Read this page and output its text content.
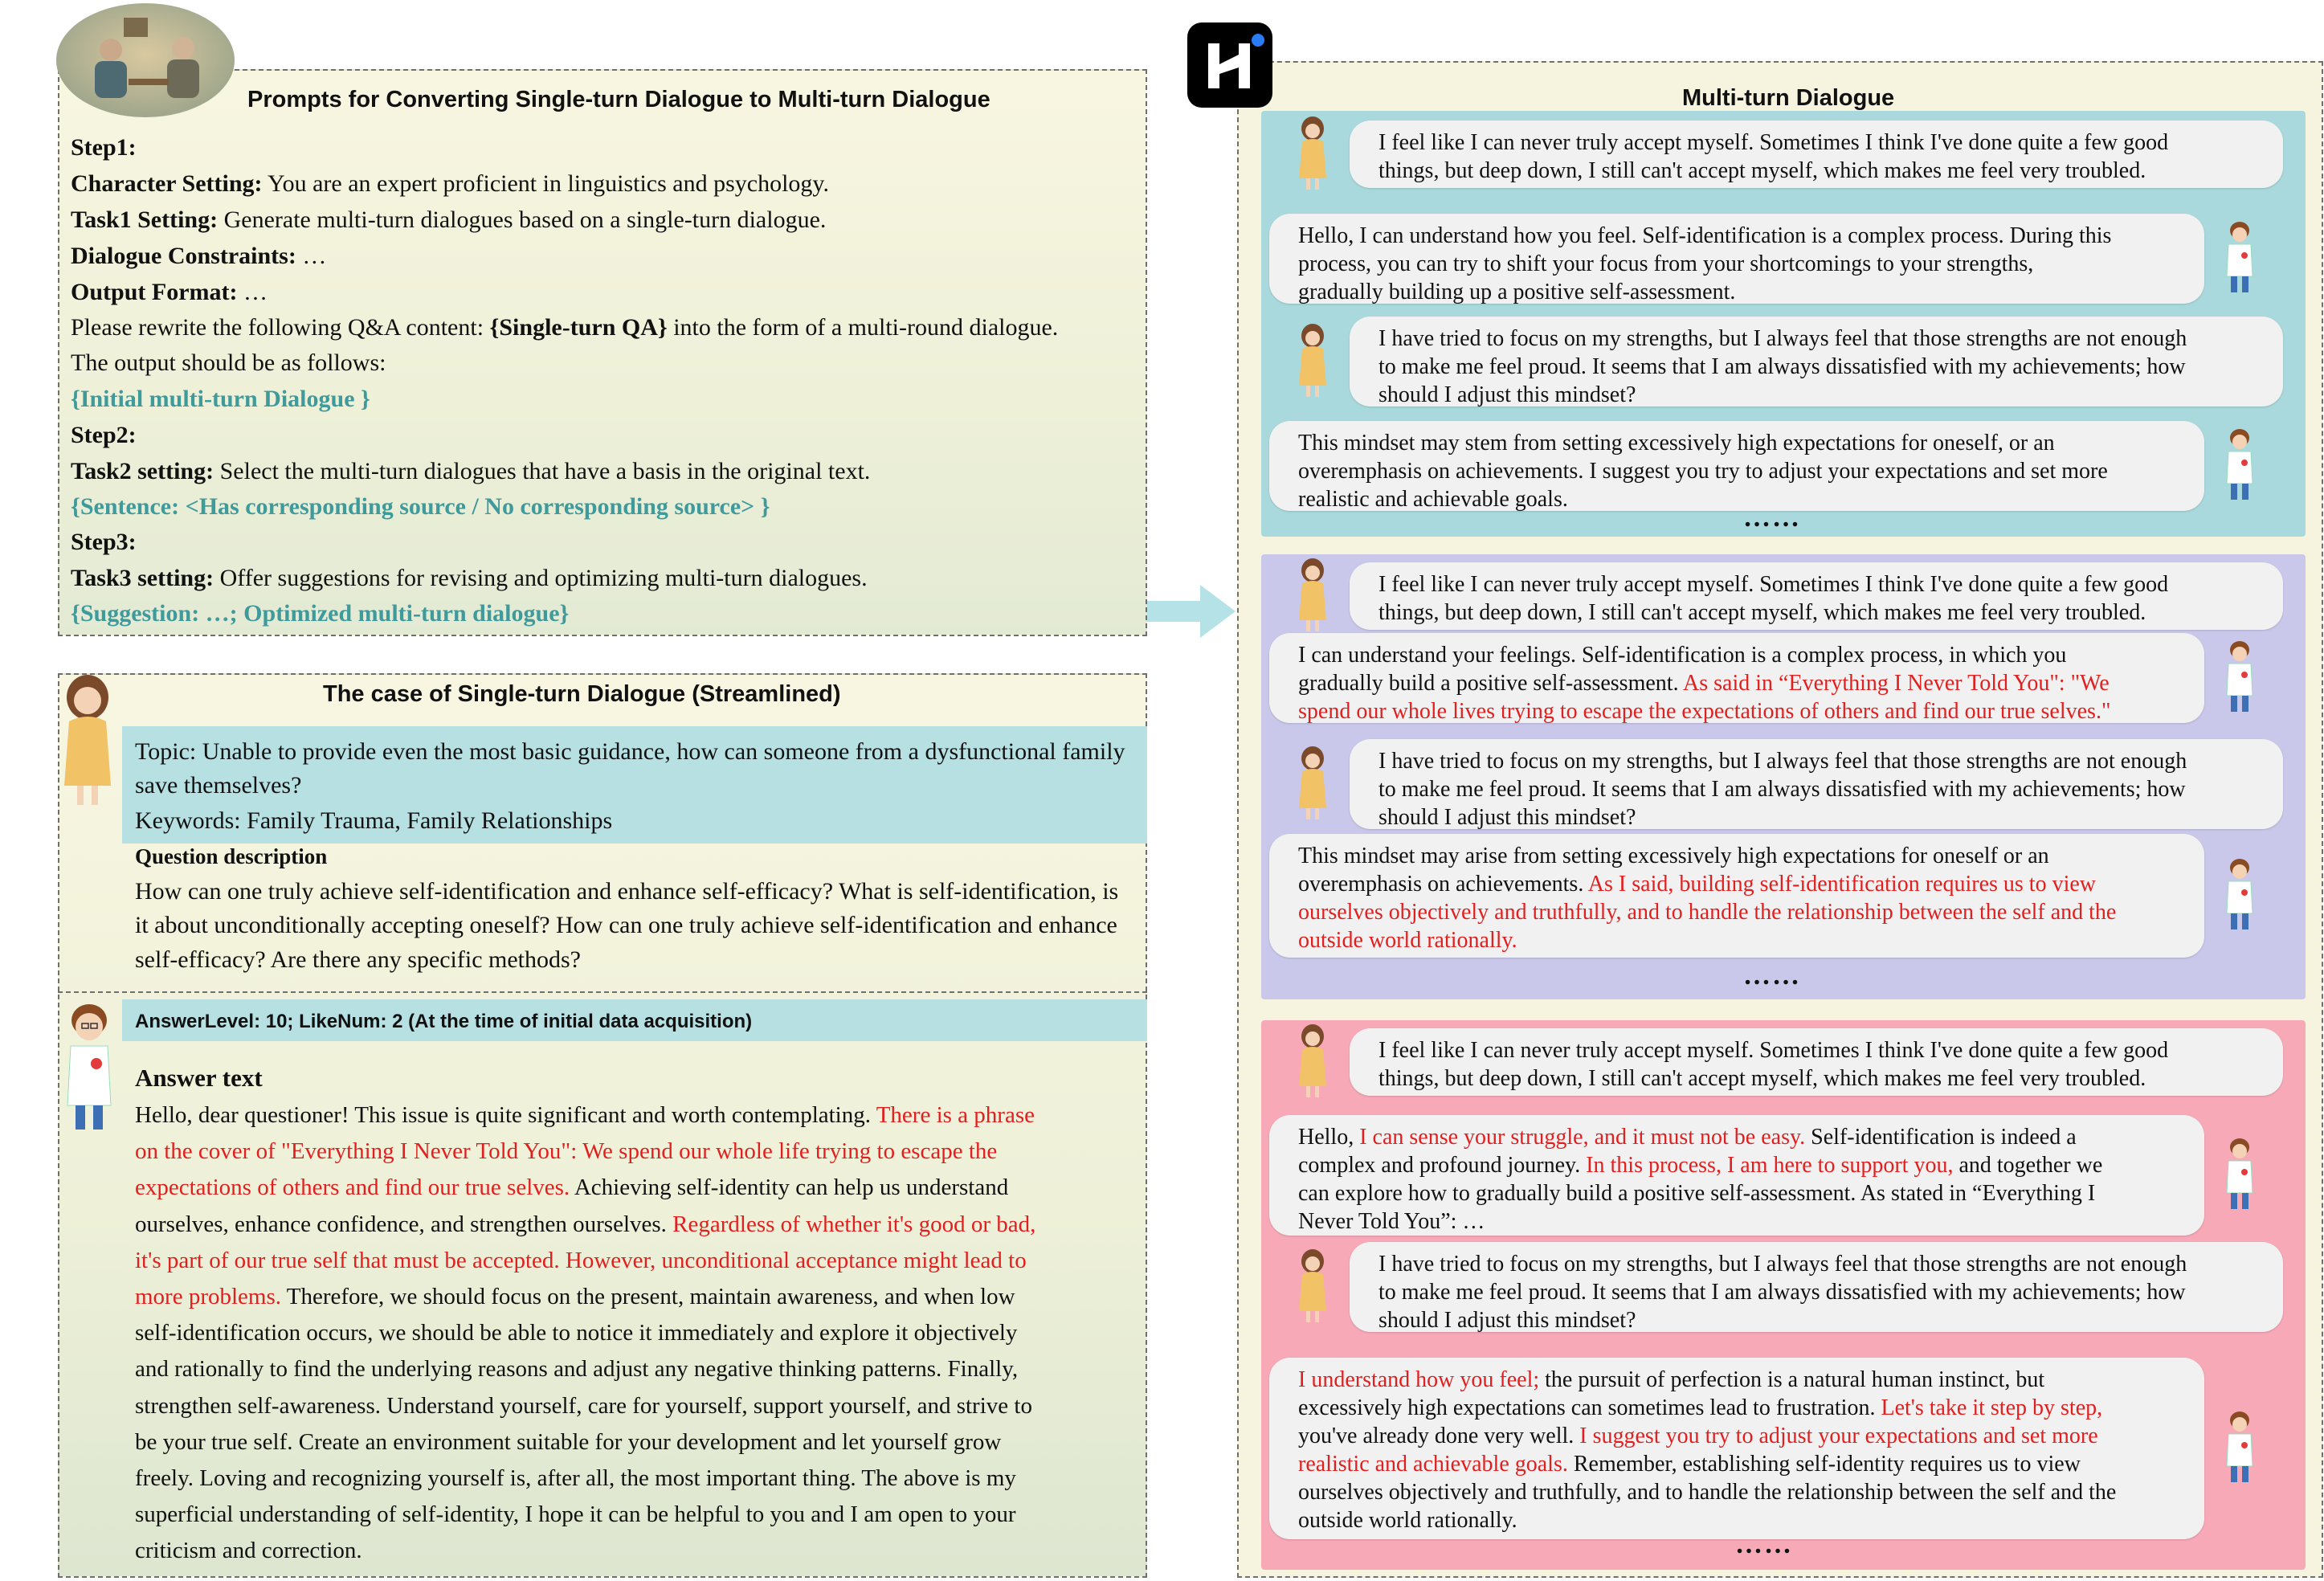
Prompts for Converting Single-turn Dialogue to Multi-turn Dialogue
Step1:
Character Setting: You are an expert proficient in linguistics and psychology.
Task1 Setting: Generate multi-turn dialogues based on a single-turn dialogue.
Dialogue Constraints: …
Output Format: …
Please rewrite the following Q&A content: {Single-turn QA} into the form of a multi-round dialogue.
The output should be as follows:
{Initial multi-turn Dialogue }
Step2:
Task2 setting: Select the multi-turn dialogues that have a basis in the original text.
{Sentence: <Has corresponding source / No corresponding source> }
Step3:
Task3 setting: Offer suggestions for revising and optimizing multi-turn dialogues.
{Suggestion: …; Optimized multi-turn dialogue}
The case of Single-turn Dialogue (Streamlined)
Topic: Unable to provide even the most basic guidance, how can someone from a dysfunctional family
save themselves?
Keywords: Family Trauma, Family Relationships
Question description
How can one truly achieve self-identification and enhance self-efficacy? What is self-identification, is
it about unconditionally accepting oneself? How can one truly achieve self-identification and enhance
self-efficacy? Are there any specific methods?
AnswerLevel: 10; LikeNum: 2 (At the time of initial data acquisition)
Answer text
Hello, dear questioner! This issue is quite significant and worth contemplating. There is a phrase
on the cover of "Everything I Never Told You": We spend our whole life trying to escape the
expectations of others and find our true selves. Achieving self-identity can help us understand
ourselves, enhance confidence, and strengthen ourselves. Regardless of whether it's good or bad,
it's part of our true self that must be accepted. However, unconditional acceptance might lead to
more problems. Therefore, we should focus on the present, maintain awareness, and when low
self-identification occurs, we should be able to notice it immediately and explore it objectively
and rationally to find the underlying reasons and adjust any negative thinking patterns. Finally,
strengthen self-awareness. Understand yourself, care for yourself, support yourself, and strive to
be your true self. Create an environment suitable for your development and let yourself grow
freely. Loving and recognizing yourself is, after all, the most important thing. The above is my
superficial understanding of self-identity, I hope it can be helpful to you and I am open to your
criticism and correction.
Multi-turn Dialogue
I feel like I can never truly accept myself. Sometimes I think I've done quite a few good
things, but deep down, I still can't accept myself, which makes me feel very troubled.
Hello, I can understand how you feel. Self-identification is a complex process. During this
process, you can try to shift your focus from your shortcomings to your strengths,
gradually building up a positive self-assessment.
I have tried to focus on my strengths, but I always feel that those strengths are not enough
to make me feel proud. It seems that I am always dissatisfied with my achievements; how
should I adjust this mindset?
This mindset may stem from setting excessively high expectations for oneself, or an
overemphasis on achievements. I suggest you try to adjust your expectations and set more
realistic and achievable goals.
I feel like I can never truly accept myself. Sometimes I think I've done quite a few good
things, but deep down, I still can't accept myself, which makes me feel very troubled.
I can understand your feelings. Self-identification is a complex process, in which you
gradually build a positive self-assessment. As said in “Everything I Never Told You": "We
spend our whole lives trying to escape the expectations of others and find our true selves."
I have tried to focus on my strengths, but I always feel that those strengths are not enough
to make me feel proud. It seems that I am always dissatisfied with my achievements; how
should I adjust this mindset?
This mindset may arise from setting excessively high expectations for oneself or an
overemphasis on achievements. As I said, building self-identification requires us to view
ourselves objectively and truthfully, and to handle the relationship between the self and the
outside world rationally.
I feel like I can never truly accept myself. Sometimes I think I've done quite a few good
things, but deep down, I still can't accept myself, which makes me feel very troubled.
Hello, I can sense your struggle, and it must not be easy. Self-identification is indeed a
complex and profound journey. In this process, I am here to support you, and together we
can explore how to gradually build a positive self-assessment. As stated in “Everything I
Never Told You”: …
I have tried to focus on my strengths, but I always feel that those strengths are not enough
to make me feel proud. It seems that I am always dissatisfied with my achievements; how
should I adjust this mindset?
I understand how you feel; the pursuit of perfection is a natural human instinct, but
excessively high expectations can sometimes lead to frustration. Let's take it step by step,
you've already done very well. I suggest you try to adjust your expectations and set more
realistic and achievable goals. Remember, establishing self-identity requires us to view
ourselves objectively and truthfully, and to handle the relationship between the self and the
outside world rationally.
……
……
……
